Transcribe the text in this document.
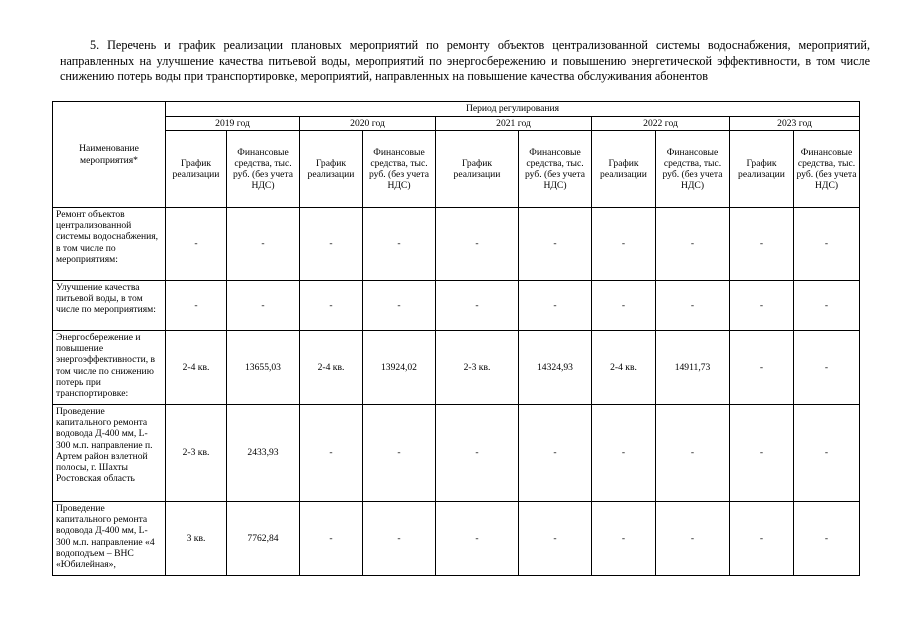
5. Перечень и график реализации плановых мероприятий по ремонту объектов централизованной системы водоснабжения, мероприятий, направленных на улучшение качества питьевой воды, мероприятий по энергосбережению и повышению энергетической эффективности, в том числе снижению потерь воды при транспортировке, мероприятий, направленных на повышение качества обслуживания абонентов
Наименование мероприятия*	Период регулирования									
	2019 год		2020 год		2021 год		2022 год		2023 год	
	График реализации	Финансовые средства, тыс. руб. (без учета НДС)	График реализации	Финансовые средства, тыс. руб. (без учета НДС)	График реализации	Финансовые средства, тыс. руб. (без учета НДС)	График реализации	Финансовые средства, тыс. руб. (без учета НДС)	График реализации	Финансовые средства, тыс. руб. (без учета НДС)
Ремонт объектов централизованной системы водоснабжения, в том числе по мероприятиям:	-	-	-	-	-	-	-	-	-	-
Улучшение качества питьевой воды, в том числе по мероприятиям:	-	-	-	-	-	-	-	-	-	-
Энергосбережение и повышение энергоэффективности, в том числе по снижению потерь при транспортировке:	2-4 кв.	13655,03	2-4 кв.	13924,02	2-3 кв.	14324,93	2-4 кв.	14911,73	-	-
Проведение капитального ремонта водовода Д-400 мм, L-300 м.п. направление п. Артем район взлетной полосы, г. Шахты Ростовская область	2-3 кв.	2433,93	-	-	-	-	-	-	-	-
Проведение капитального ремонта водовода Д-400 мм, L-300 м.п. направление «4 водоподъем – ВНС «Юбилейная»,	3 кв.	7762,84	-	-	-	-	-	-	-	-
